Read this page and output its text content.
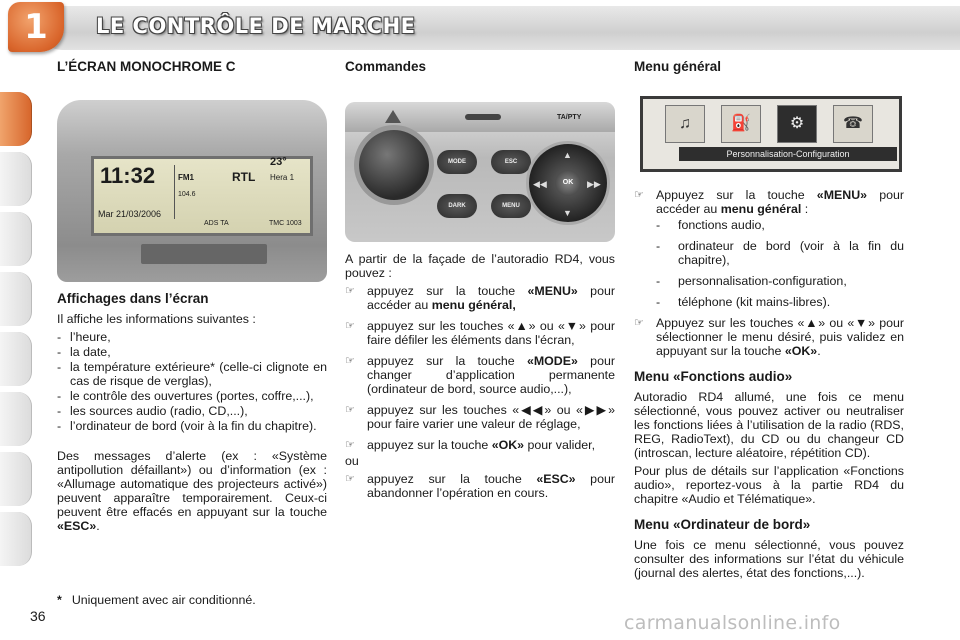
1	LE CONTRÔLE DE MARCHE
L’ÉCRAN MONOCHROME C
11:32
Mar 21/03/2006
FM1
104.6
RTL
23°
Hera 1
ADS TA	TMC 1003
Affichages dans l’écran

Il affiche les informations suivantes :

- l’heure,
- la date,
- la température extérieure* (celle-ci clignote en cas de risque de verglas),
- le contrôle des ouvertures (portes, coffre,...),
- les sources audio (radio, CD,...),
- l’ordinateur de bord (voir à la fin du chapitre).

Des messages d’alerte (ex : «Système antipollution défaillant») ou d’information (ex : «Allumage automatique des projecteurs activé») peuvent apparaître temporairement. Ceux-ci peuvent être effacés en appuyant sur la touche «ESC».

Commandes
TA/PTY
MODE
DARK
ESC
MENU
▲
▼
◀◀	▶▶
OK

A partir de la façade de l’autoradio RD4, vous pouvez :

☞ appuyez sur la touche «MENU» pour accéder au menu général,
☞ appuyez sur les touches «▲» ou «▼» pour faire défiler les éléments dans l'écran,
☞ appuyez sur la touche «MODE» pour changer d’application permanente (ordinateur de bord, source audio,...),
☞ appuyez sur les touches «◀◀» ou «▶▶» pour faire varier une valeur de réglage,
☞ appuyez sur la touche «OK» pour valider,

ou

☞ appuyez sur la touche «ESC» pour abandonner l’opération en cours.
Menu général
♫	⛽	⚙	☎
Personnalisation-Configuration
☞ Appuyez sur la touche «MENU» pour accéder au menu général :
- fonctions audio,
- ordinateur de bord (voir à la fin du chapitre),
- personnalisation-configuration,
- téléphone (kit mains-libres).
☞ Appuyez sur les touches «▲» ou «▼» pour sélectionner le menu désiré, puis validez en appuyant sur la touche «OK».
Menu «Fonctions audio»

Autoradio RD4 allumé, une fois ce menu sélectionné, vous pouvez activer ou neutraliser les fonctions liées à l’utilisation de la radio (RDS, REG, RadioText), du CD ou du changeur CD (introscan, lecture aléatoire, répétition CD).

Pour plus de détails sur l’application «Fonctions audio», reportez-vous à la partie RD4 du chapitre «Audio et Télématique».

Menu «Ordinateur de bord»

Une fois ce menu sélectionné, vous pouvez consulter des informations sur l’état du véhicule (journal des alertes, état des fonctions,...).

* Uniquement avec air conditionné.
36	carmanualsonline.info
